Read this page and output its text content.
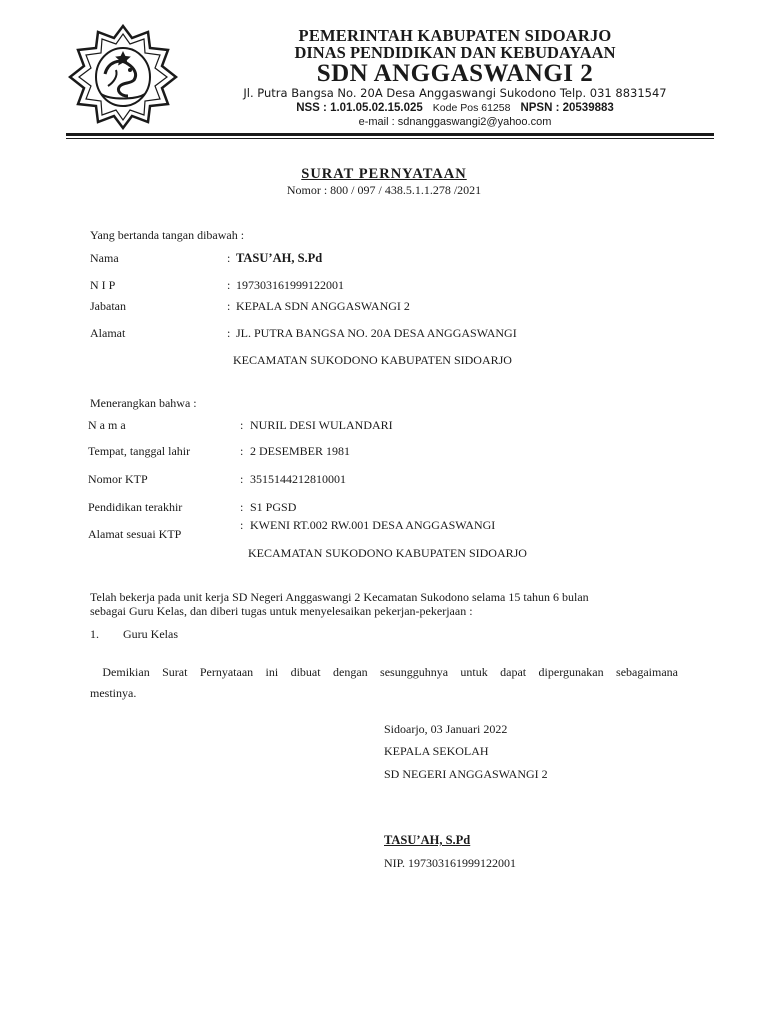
PEMERINTAH KABUPATEN SIDOARJO
DINAS PENDIDIKAN DAN KEBUDAYAAN
SDN ANGGASWANGI 2
Jl. Putra Bangsa No. 20A Desa Anggaswangi Sukodono Telp. 031 8831547
NSS : 1.01.05.02.15.025 Kode Pos 61258 NPSN : 20539883
e-mail : sdnanggaswangi2@yahoo.com
SURAT PERNYATAAN
Nomor : 800 / 097 / 438.5.1.1.278 /2021
Yang bertanda tangan dibawah :
Nama	: TASU’AH, S.Pd
N I P	: 197303161999122001
Jabatan	: KEPALA SDN ANGGASWANGI 2
Alamat	: JL. PUTRA BANGSA NO. 20A DESA ANGGASWANGI
KECAMATAN SUKODONO KABUPATEN SIDOARJO
Menerangkan bahwa :
N a m a	: NURIL DESI WULANDARI
Tempat, tanggal lahir	: 2 DESEMBER 1981
Nomor KTP	: 3515144212810001
Pendidikan terakhir	: S1 PGSD
Alamat sesuai KTP
: KWENI RT.002 RW.001 DESA ANGGASWANGI
KECAMATAN SUKODONO KABUPATEN SIDOARJO
Telah bekerja pada unit kerja SD Negeri Anggaswangi 2 Kecamatan Sukodono selama 15 tahun 6 bulan
sebagai Guru Kelas, dan diberi tugas untuk menyelesaikan pekerjan-pekerjaan :
1. Guru Kelas
Demikian Surat Pernyataan ini dibuat dengan sesungguhnya untuk dapat dipergunakan sebagaimana
mestinya.
Sidoarjo, 03 Januari 2022
KEPALA SEKOLAH
SD NEGERI ANGGASWANGI 2
TASU’AH, S.Pd
NIP. 197303161999122001
